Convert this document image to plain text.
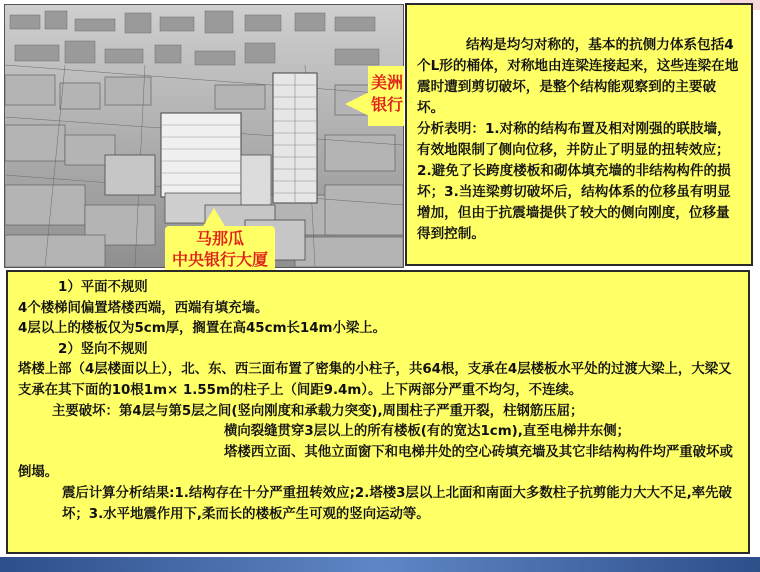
美洲
银行
马那瓜
中央银行大厦
结构是均匀对称的，基本的抗侧力体系包括4个L形的桶体，对称地由连梁连接起来，这些连梁在地震时遭到剪切破坏，是整个结构能观察到的主要破坏。
分析表明：1.对称的结构布置及相对刚强的联肢墙，有效地限制了侧向位移，并防止了明显的扭转效应；2.避免了长跨度楼板和砌体填充墙的非结构构件的损坏；3.当连梁剪切破坏后，结构体系的位移虽有明显增加，但由于抗震墙提供了较大的侧向刚度，位移量得到控制。

1）平面不规则

4个楼梯间偏置塔楼西端，西端有填充墙。

4层以上的楼板仅为5cm厚，搁置在高45cm长14m小梁上。

2）竖向不规则

塔楼上部（4层楼面以上），北、东、西三面布置了密集的小柱子，共64根，支承在4层楼板水平处的过渡大梁上，大梁又支承在其下面的10根1m× 1.55m的柱子上（间距9.4m）。上下两部分严重不均匀，不连续。

主要破坏：第4层与第5层之间(竖向刚度和承载力突变),周围柱子严重开裂，柱钢筋压屈；

横向裂缝贯穿3层以上的所有楼板(有的宽达1cm),直至电梯井东侧；

塔楼西立面、其他立面窗下和电梯井处的空心砖填充墙及其它非结构构件均严重破坏或倒塌。

震后计算分析结果:1.结构存在十分严重扭转效应;2.塔楼3层以上北面和南面大多数柱子抗剪能力大大不足,率先破坏；3.水平地震作用下,柔而长的楼板产生可观的竖向运动等。
